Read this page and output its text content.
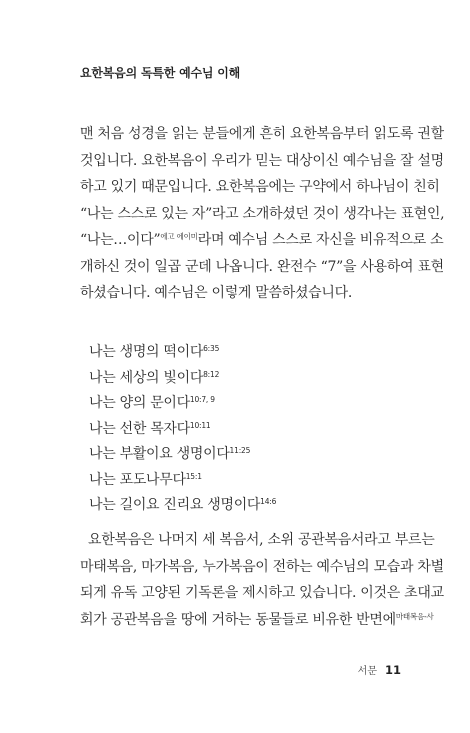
요한복음의 독특한 예수님 이해
맨 처음 성경을 읽는 분들에게 흔히 요한복음부터 읽도록 권할
것입니다. 요한복음이 우리가 믿는 대상이신 예수님을 잘 설명
하고 있기 때문입니다. 요한복음에는 구약에서 하나님이 친히
“나는 스스로 있는 자”라고 소개하셨던 것이 생각나는 표현인,
“나는…이다”$^{에고 에이미}$라며 예수님 스스로 자신을 비유적으로 소
개하신 것이 일곱 군데 나옵니다. 완전수 “7”을 사용하여 표현
하셨습니다. 예수님은 이렇게 말씀하셨습니다.
나는 생명의 떡이다$^{6:35}$
나는 세상의 빛이다$^{8:12}$
나는 양의 문이다$^{10:7, 9}$
나는 선한 목자다$^{10:11}$
나는 부활이요 생명이다$^{11:25}$
나는 포도나무다$^{15:1}$
나는 길이요 진리요 생명이다$^{14:6}$
요한복음은 나머지 세 복음서, 소위 공관복음서라고 부르는
마태복음, 마가복음, 누가복음이 전하는 예수님의 모습과 차별
되게 유독 고양된 기독론을 제시하고 있습니다. 이것은 초대교
회가 공관복음을 땅에 거하는 동물들로 비유한 반면에$^{마태복음-사}$
서문 11
